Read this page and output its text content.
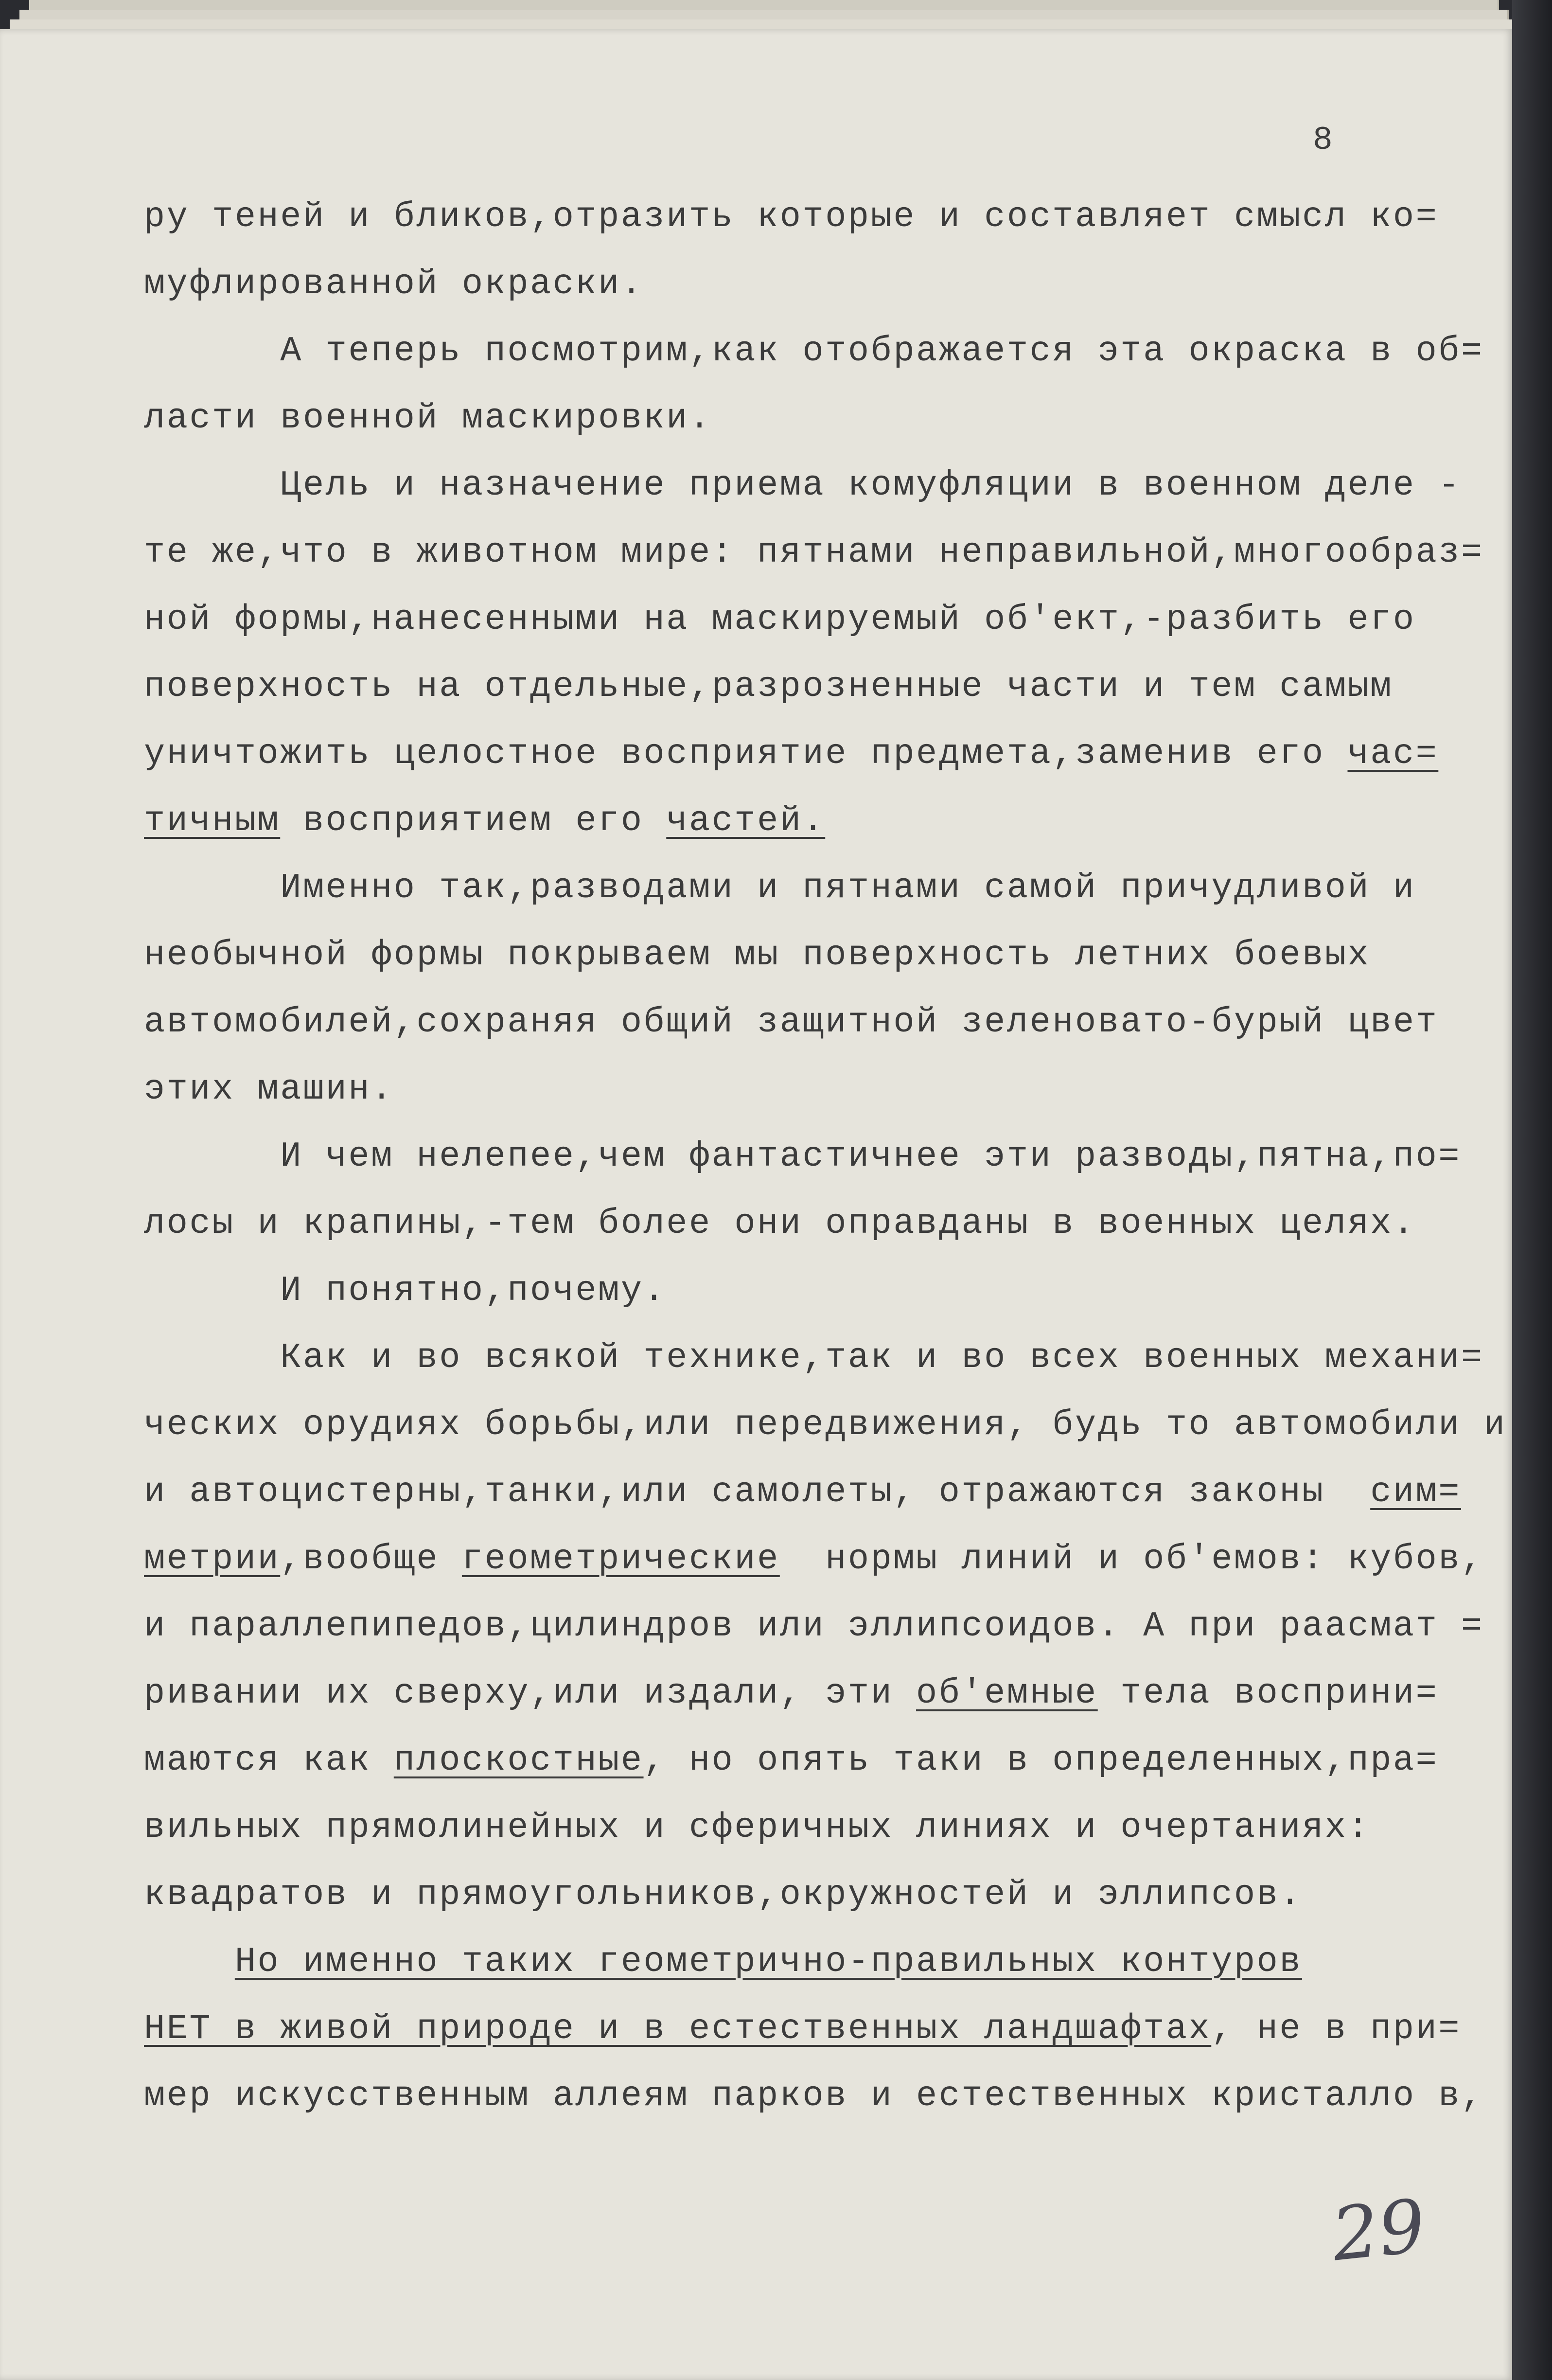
8
ру теней и бликов,отразить которые и составляет смысл ко=
муфлированной окраски.
А теперь посмотрим,как отображается эта окраска в об=
ласти военной маскировки.
Цель и назначение приема комуфляции в военном деле -
те же,что в животном мире: пятнами неправильной,многообраз=
ной формы,нанесенными на маскируемый об'ект,-разбить его
поверхность на отдельные,разрозненные части и тем самым
уничтожить целостное восприятие предмета,заменив его час=
тичным восприятием его частей.
Именно так,разводами и пятнами самой причудливой и
необычной формы покрываем мы поверхность летних боевых
автомобилей,сохраняя общий защитной зеленовато-бурый цвет
этих машин.
И чем нелепее,чем фантастичнее эти разводы,пятна,по=
лосы и крапины,-тем более они оправданы в военных целях.
И понятно,почему.
Как и во всякой технике,так и во всех военных механи=
ческих орудиях борьбы,или передвижения, будь то автомобили и
и автоцистерны,танки,или самолеты, отражаются законы  сим=
метрии,вообще геометрические  нормы линий и об'емов: кубов,
и параллепипедов,цилиндров или эллипсоидов. А при раасмат =
ривании их сверху,или издали, эти об'емные тела восприни=
маются как плоскостные, но опять таки в определенных,пра=
вильных прямолинейных и сферичных линиях и очертаниях:
квадратов и прямоугольников,окружностей и эллипсов.
Но именно таких геометрично-правильных контуров
НЕТ в живой природе и в естественных ландшафтах, не в при=
мер искусственным аллеям парков и естественных кристалло в,
29
